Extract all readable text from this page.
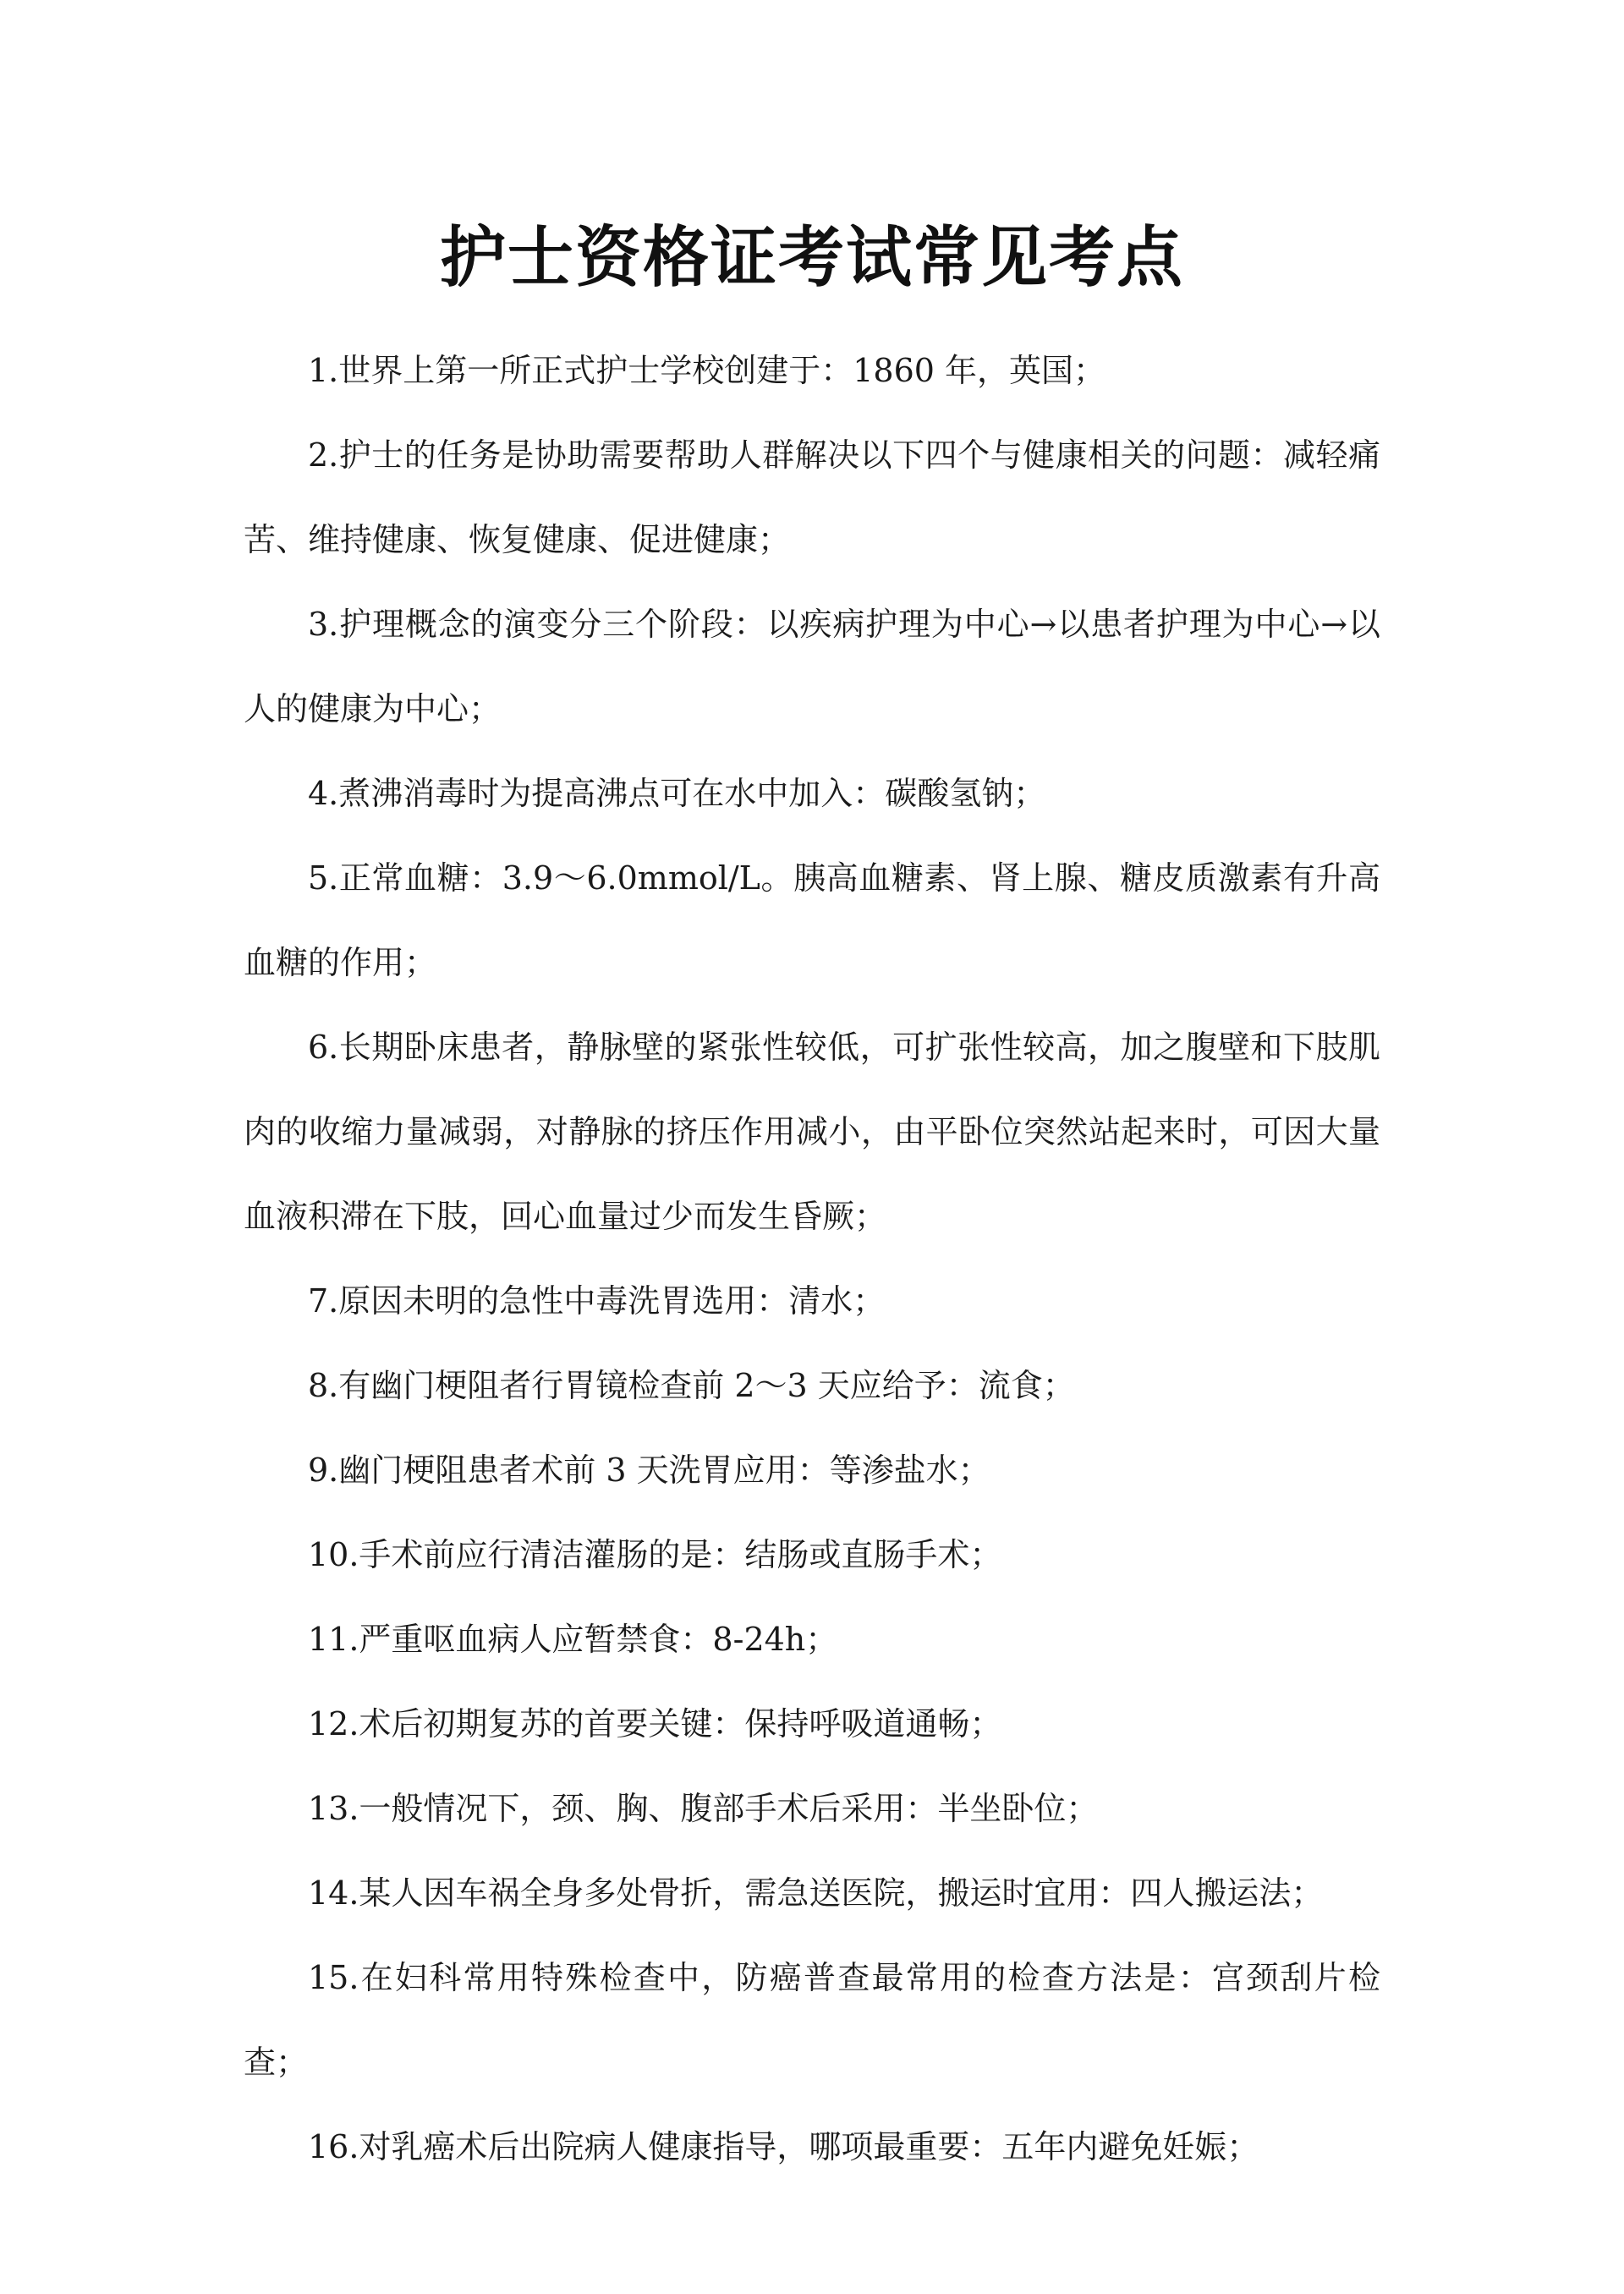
护士资格证考试常见考点

1.世界上第一所正式护士学校创建于：1860 年，英国；

2.护士的任务是协助需要帮助人群解决以下四个与健康相关的问题：减轻痛苦、维持健康、恢复健康、促进健康；

3.护理概念的演变分三个阶段：以疾病护理为中心→以患者护理为中心→以人的健康为中心；

4.煮沸消毒时为提高沸点可在水中加入：碳酸氢钠；

5.正常血糖：3.9～6.0mmol/L。胰高血糖素、肾上腺、糖皮质激素有升高血糖的作用；

6.长期卧床患者，静脉壁的紧张性较低，可扩张性较高，加之腹壁和下肢肌肉的收缩力量减弱，对静脉的挤压作用减小，由平卧位突然站起来时，可因大量血液积滞在下肢，回心血量过少而发生昏厥；

7.原因未明的急性中毒洗胃选用：清水；

8.有幽门梗阻者行胃镜检查前 2～3 天应给予：流食；

9.幽门梗阻患者术前 3 天洗胃应用：等渗盐水；

10.手术前应行清洁灌肠的是：结肠或直肠手术；

11.严重呕血病人应暂禁食：8-24h；

12.术后初期复苏的首要关键：保持呼吸道通畅；

13.一般情况下，颈、胸、腹部手术后采用：半坐卧位；

14.某人因车祸全身多处骨折，需急送医院，搬运时宜用：四人搬运法；

15.在妇科常用特殊检查中，防癌普查最常用的检查方法是：宫颈刮片检查；

16.对乳癌术后出院病人健康指导，哪项最重要：五年内避免妊娠；
